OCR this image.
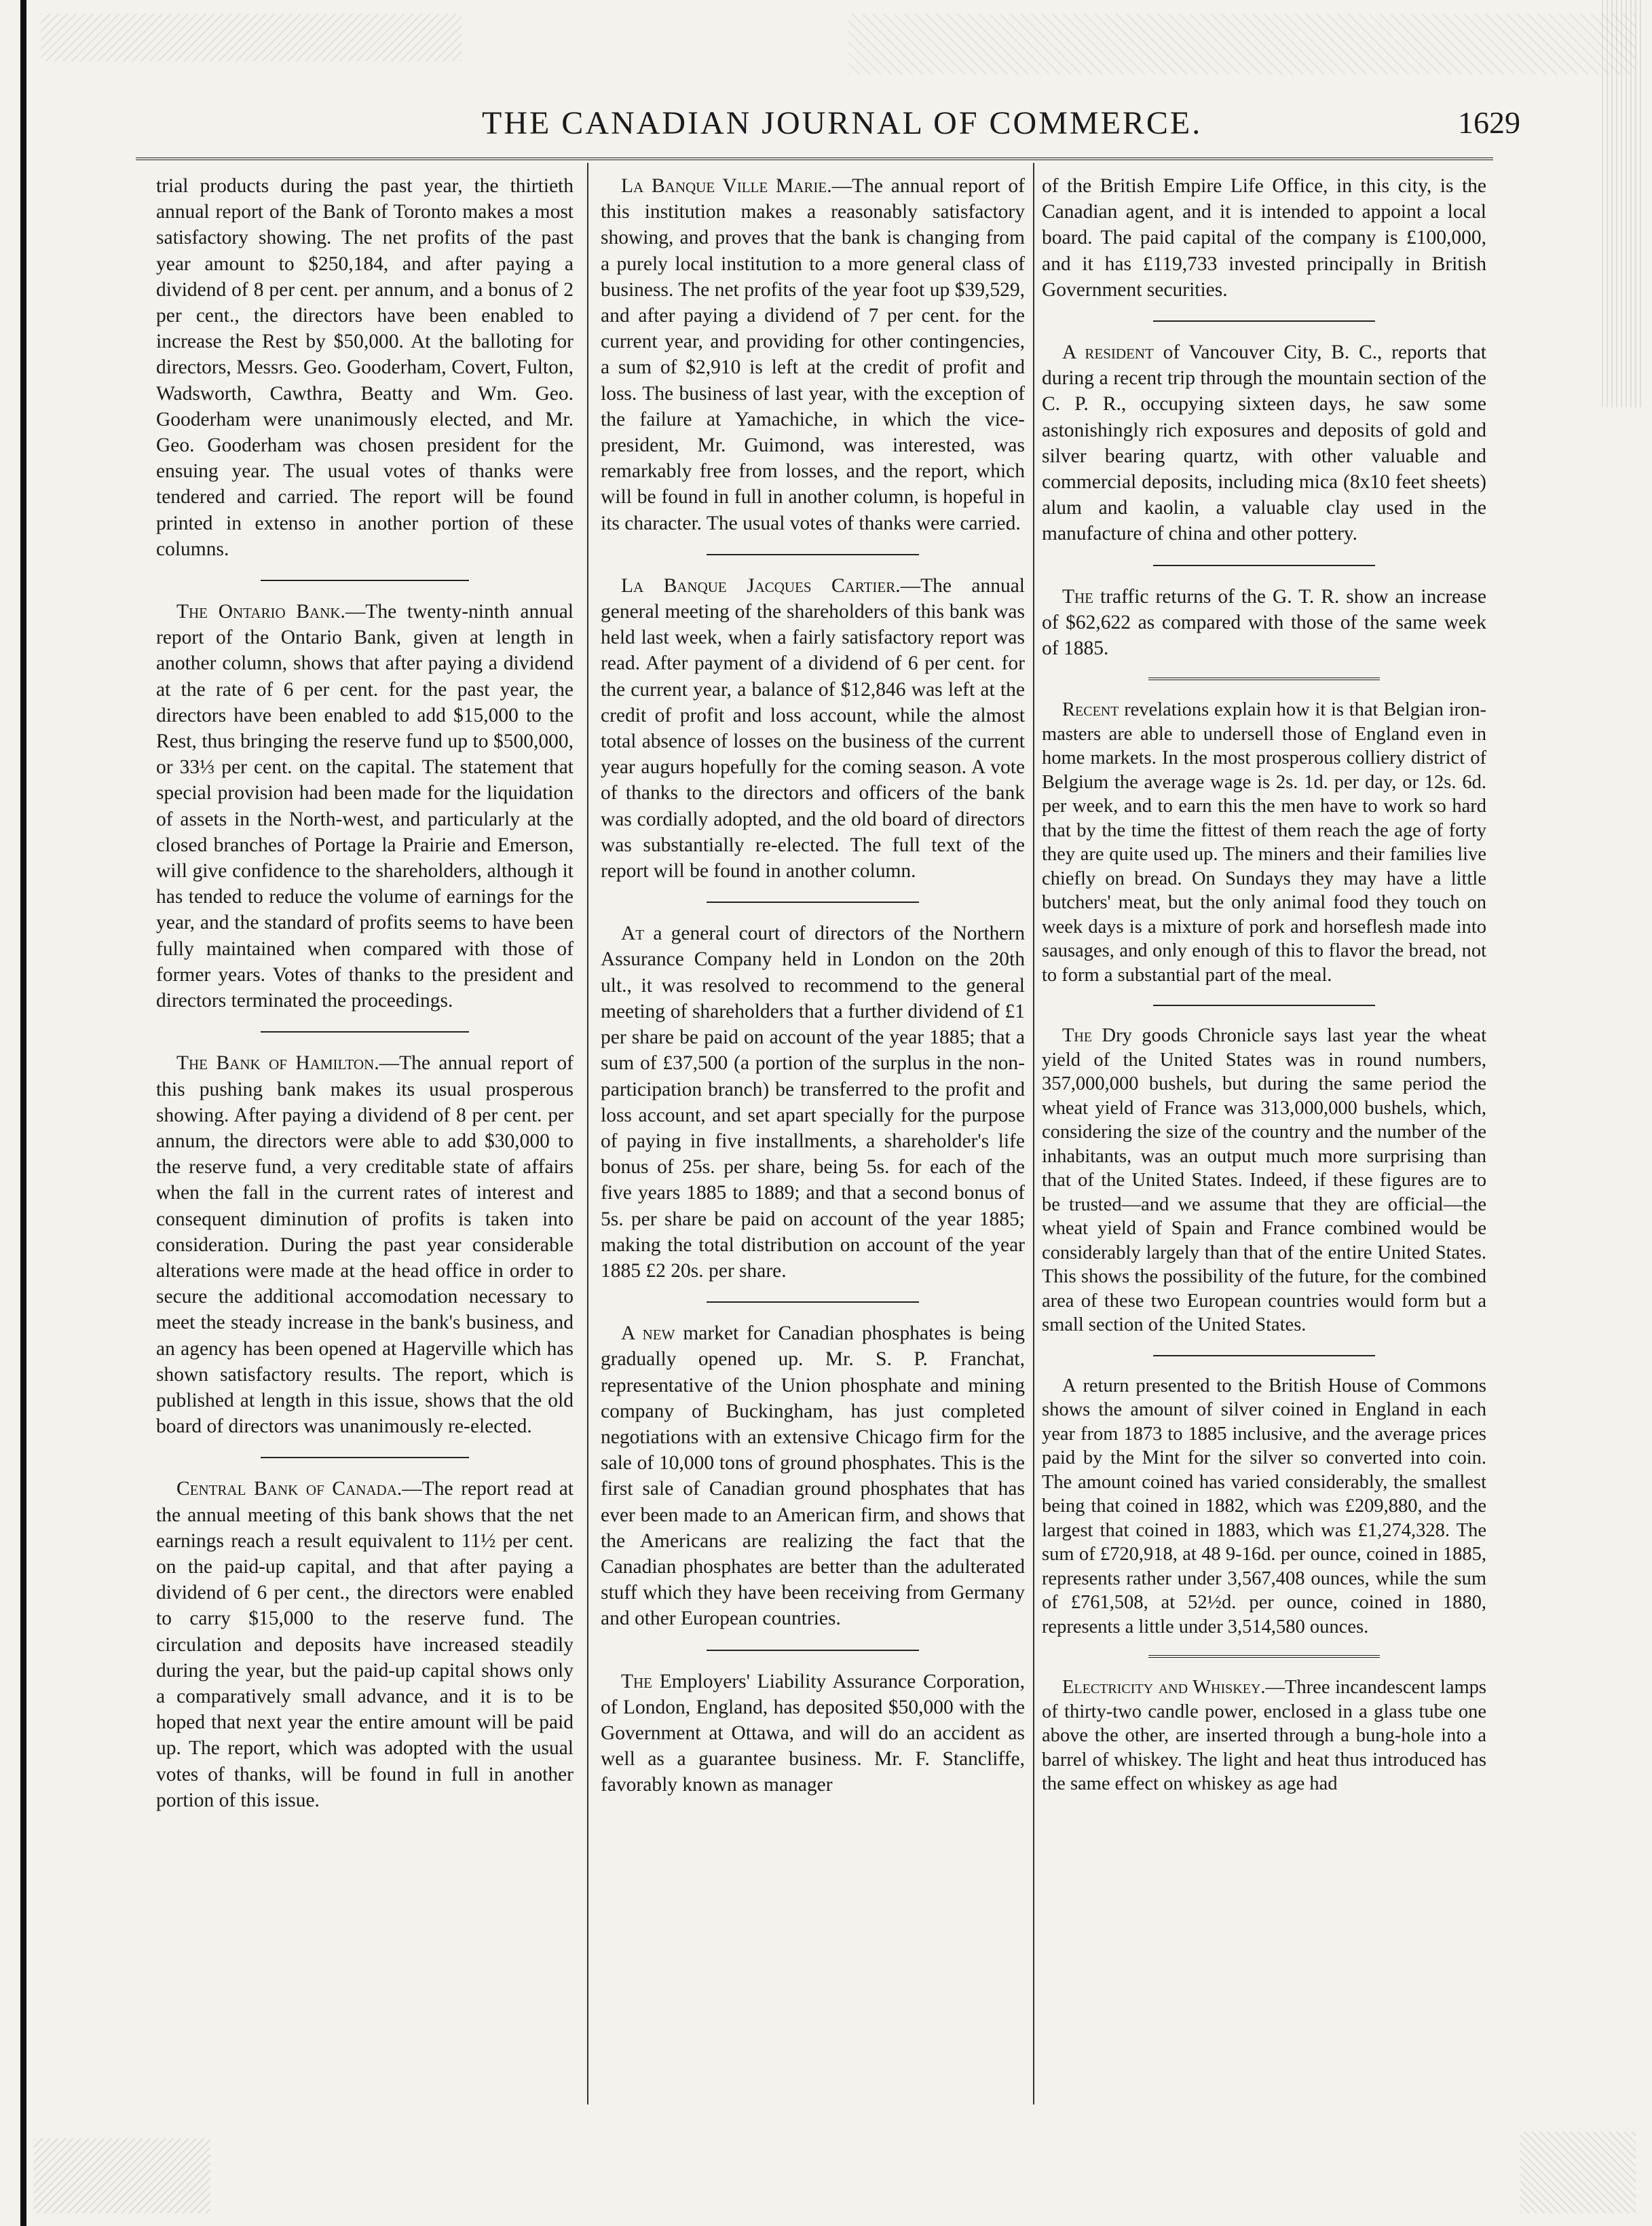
THE CANADIAN JOURNAL OF COMMERCE.	1629

trial products during the past year, the thirtieth annual report of the Bank of Toronto makes a most satisfactory showing. The net profits of the past year amount to $250,184, and after paying a dividend of 8 per cent. per annum, and a bonus of 2 per cent., the directors have been enabled to increase the Rest by $50,000. At the balloting for directors, Messrs. Geo. Gooderham, Covert, Fulton, Wadsworth, Cawthra, Beatty and Wm. Geo. Gooderham were unanimously elected, and Mr. Geo. Gooderham was chosen president for the ensuing year. The usual votes of thanks were tendered and carried. The report will be found printed in extenso in another portion of these columns.

The Ontario Bank.—The twenty-ninth annual report of the Ontario Bank, given at length in another column, shows that after paying a dividend at the rate of 6 per cent. for the past year, the directors have been enabled to add $15,000 to the Rest, thus bringing the reserve fund up to $500,000, or 33⅓ per cent. on the capital. The statement that special provision had been made for the liquidation of assets in the North-west, and particularly at the closed branches of Portage la Prairie and Emerson, will give confidence to the shareholders, although it has tended to reduce the volume of earnings for the year, and the standard of profits seems to have been fully maintained when compared with those of former years. Votes of thanks to the president and directors terminated the proceedings.

The Bank of Hamilton.—The annual report of this pushing bank makes its usual prosperous showing. After paying a dividend of 8 per cent. per annum, the directors were able to add $30,000 to the reserve fund, a very creditable state of affairs when the fall in the current rates of interest and consequent diminution of profits is taken into consideration. During the past year considerable alterations were made at the head office in order to secure the additional accomodation necessary to meet the steady increase in the bank's business, and an agency has been opened at Hagerville which has shown satisfactory results. The report, which is published at length in this issue, shows that the old board of directors was unanimously re-elected.

Central Bank of Canada.—The report read at the annual meeting of this bank shows that the net earnings reach a result equivalent to 11½ per cent. on the paid-up capital, and that after paying a dividend of 6 per cent., the directors were enabled to carry $15,000 to the reserve fund. The circulation and deposits have increased steadily during the year, but the paid-up capital shows only a comparatively small advance, and it is to be hoped that next year the entire amount will be paid up. The report, which was adopted with the usual votes of thanks, will be found in full in another portion of this issue.

La Banque Ville Marie.—The annual report of this institution makes a reasonably satisfactory showing, and proves that the bank is changing from a purely local institution to a more general class of business. The net profits of the year foot up $39,529, and after paying a dividend of 7 per cent. for the current year, and providing for other contingencies, a sum of $2,910 is left at the credit of profit and loss. The business of last year, with the exception of the failure at Yamachiche, in which the vice-president, Mr. Guimond, was interested, was remarkably free from losses, and the report, which will be found in full in another column, is hopeful in its character. The usual votes of thanks were carried.

La Banque Jacques Cartier.—The annual general meeting of the shareholders of this bank was held last week, when a fairly satisfactory report was read. After payment of a dividend of 6 per cent. for the current year, a balance of $12,846 was left at the credit of profit and loss account, while the almost total absence of losses on the business of the current year augurs hopefully for the coming season. A vote of thanks to the directors and officers of the bank was cordially adopted, and the old board of directors was substantially re-elected. The full text of the report will be found in another column.

At a general court of directors of the Northern Assurance Company held in London on the 20th ult., it was resolved to recommend to the general meeting of shareholders that a further dividend of £1 per share be paid on account of the year 1885; that a sum of £37,500 (a portion of the surplus in the non-participation branch) be transferred to the profit and loss account, and set apart specially for the purpose of paying in five installments, a shareholder's life bonus of 25s. per share, being 5s. for each of the five years 1885 to 1889; and that a second bonus of 5s. per share be paid on account of the year 1885; making the total distribution on account of the year 1885 £2 20s. per share.

A new market for Canadian phosphates is being gradually opened up. Mr. S. P. Franchat, representative of the Union phosphate and mining company of Buckingham, has just completed negotiations with an extensive Chicago firm for the sale of 10,000 tons of ground phosphates. This is the first sale of Canadian ground phosphates that has ever been made to an American firm, and shows that the Americans are realizing the fact that the Canadian phosphates are better than the adulterated stuff which they have been receiving from Germany and other European countries.

The Employers' Liability Assurance Corporation, of London, England, has deposited $50,000 with the Government at Ottawa, and will do an accident as well as a guarantee business. Mr. F. Stancliffe, favorably known as manager

of the British Empire Life Office, in this city, is the Canadian agent, and it is intended to appoint a local board. The paid capital of the company is £100,000, and it has £119,733 invested principally in British Government securities.

A resident of Vancouver City, B. C., reports that during a recent trip through the mountain section of the C. P. R., occupying sixteen days, he saw some astonishingly rich exposures and deposits of gold and silver bearing quartz, with other valuable and commercial deposits, including mica (8x10 feet sheets) alum and kaolin, a valuable clay used in the manufacture of china and other pottery.

The traffic returns of the G. T. R. show an increase of $62,622 as compared with those of the same week of 1885.

Recent revelations explain how it is that Belgian iron-masters are able to undersell those of England even in home markets. In the most prosperous colliery district of Belgium the average wage is 2s. 1d. per day, or 12s. 6d. per week, and to earn this the men have to work so hard that by the time the fittest of them reach the age of forty they are quite used up. The miners and their families live chiefly on bread. On Sundays they may have a little butchers' meat, but the only animal food they touch on week days is a mixture of pork and horseflesh made into sausages, and only enough of this to flavor the bread, not to form a substantial part of the meal.

The Dry goods Chronicle says last year the wheat yield of the United States was in round numbers, 357,000,000 bushels, but during the same period the wheat yield of France was 313,000,000 bushels, which, considering the size of the country and the number of the inhabitants, was an output much more surprising than that of the United States. Indeed, if these figures are to be trusted—and we assume that they are official—the wheat yield of Spain and France combined would be considerably largely than that of the entire United States. This shows the possibility of the future, for the combined area of these two European countries would form but a small section of the United States.

A return presented to the British House of Commons shows the amount of silver coined in England in each year from 1873 to 1885 inclusive, and the average prices paid by the Mint for the silver so converted into coin. The amount coined has varied considerably, the smallest being that coined in 1882, which was £209,880, and the largest that coined in 1883, which was £1,274,328. The sum of £720,918, at 48 9-16d. per ounce, coined in 1885, represents rather under 3,567,408 ounces, while the sum of £761,508, at 52½d. per ounce, coined in 1880, represents a little under 3,514,580 ounces.

Electricity and Whiskey.—Three incandescent lamps of thirty-two candle power, enclosed in a glass tube one above the other, are inserted through a bung-hole into a barrel of whiskey. The light and heat thus introduced has the same effect on whiskey as age had
